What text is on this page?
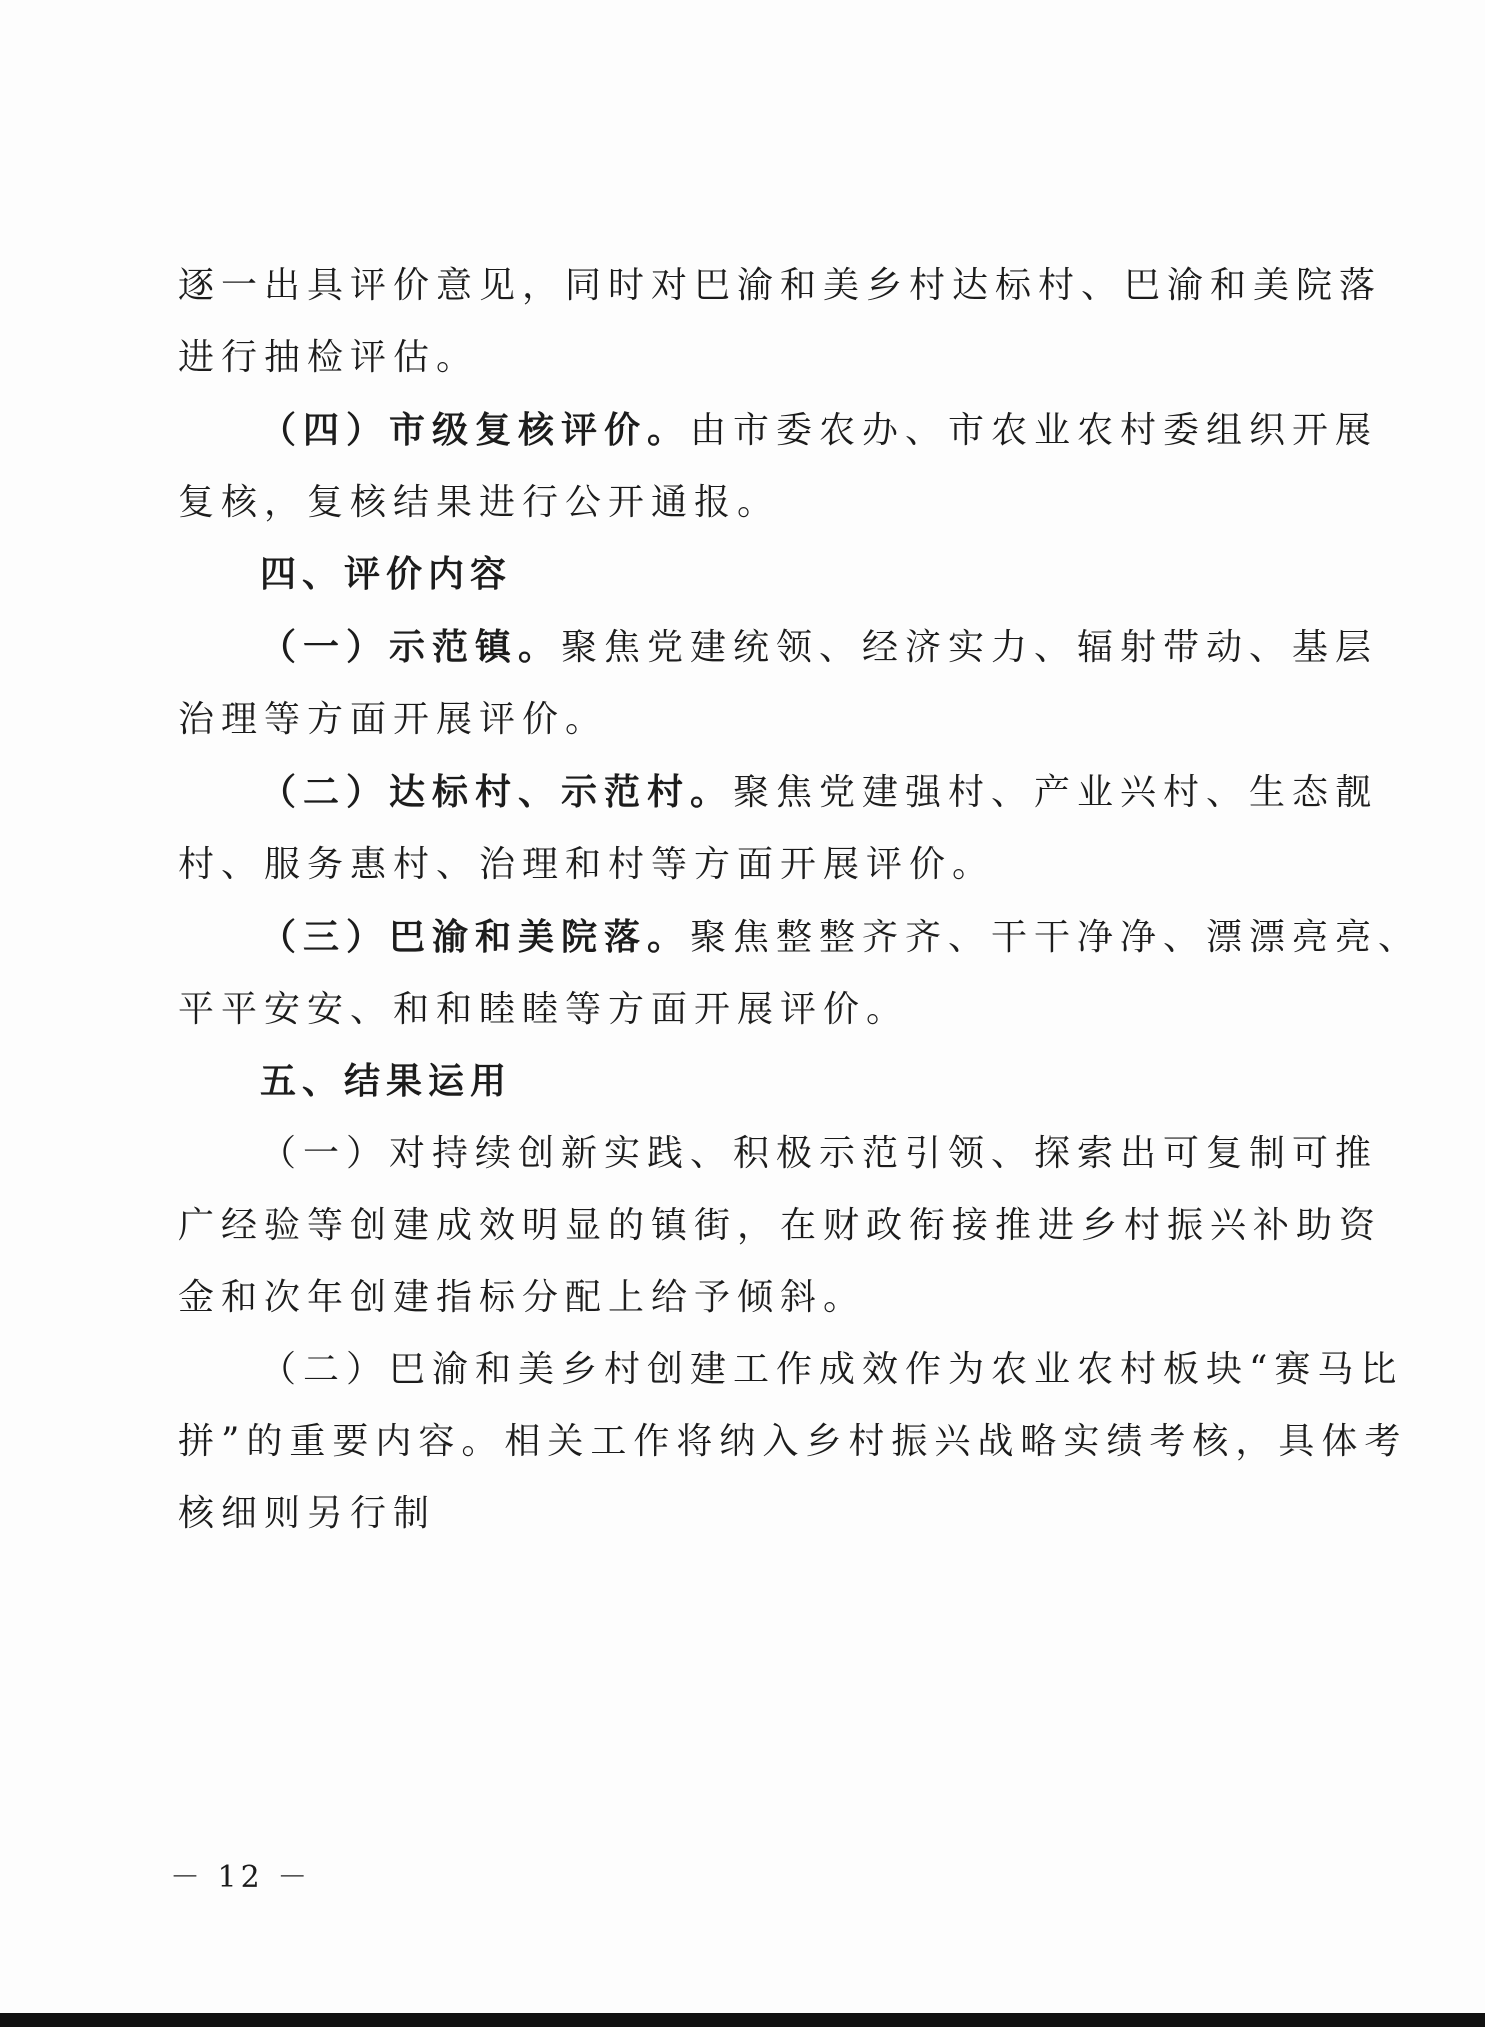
逐一出具评价意见，同时对巴渝和美乡村达标村、巴渝和美院落
进行抽检评估。

（四）市级复核评价。由市委农办、市农业农村委组织开展
复核，复核结果进行公开通报。

四、评价内容

（一）示范镇。聚焦党建统领、经济实力、辐射带动、基层
治理等方面开展评价。

（二）达标村、示范村。聚焦党建强村、产业兴村、生态靓
村、服务惠村、治理和村等方面开展评价。

（三）巴渝和美院落。聚焦整整齐齐、干干净净、漂漂亮亮、
平平安安、和和睦睦等方面开展评价。

五、结果运用

（一）对持续创新实践、积极示范引领、探索出可复制可推
广经验等创建成效明显的镇街，在财政衔接推进乡村振兴补助资
金和次年创建指标分配上给予倾斜。

（二）巴渝和美乡村创建工作成效作为农业农村板块“赛马比
拼”的重要内容。相关工作将纳入乡村振兴战略实绩考核，具体考
核细则另行制

－ 12 －
